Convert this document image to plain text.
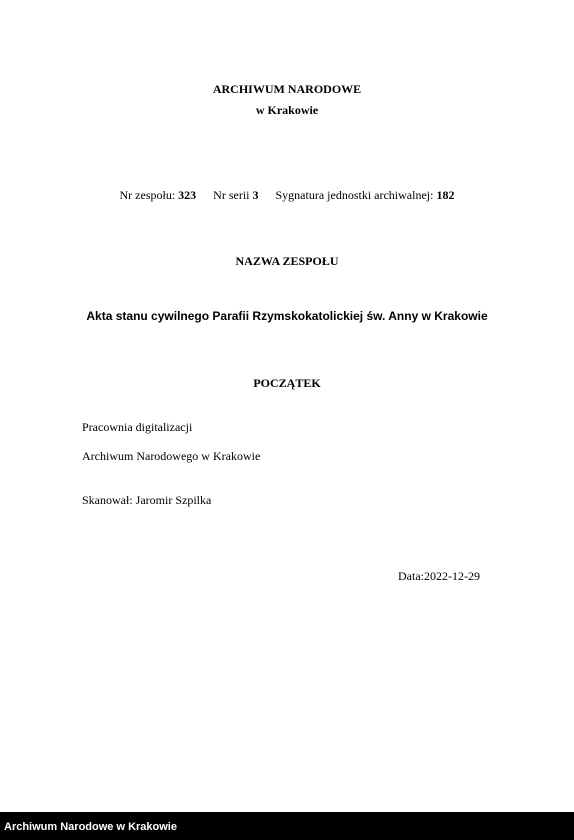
ARCHIWUM NARODOWE
w Krakowie
Nr zespołu: 323 Nr serii 3 Sygnatura jednostki archiwalnej: 182
NAZWA ZESPOŁU
Akta stanu cywilnego Parafii Rzymskokatolickiej św. Anny w Krakowie
POCZĄTEK
Pracownia digitalizacji
Archiwum Narodowego w Krakowie
Skanował: Jaromir Szpilka
Data:2022-12-29
Archiwum Narodowe w Krakowie
